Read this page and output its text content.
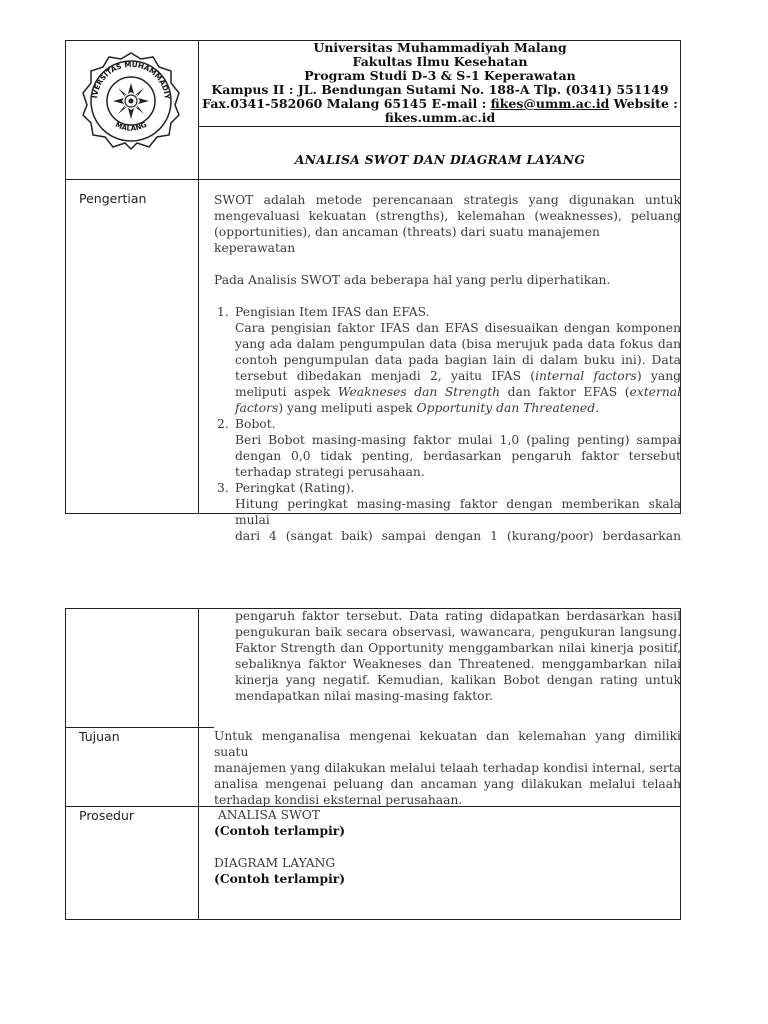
IVERSITAS MUHAMMADIY
MALANG
Universitas Muhammadiyah Malang
Fakultas Ilmu Kesehatan
Program Studi D-3 & S-1 Keperawatan
Kampus II : JL. Bendungan Sutami No. 188-A Tlp. (0341) 551149
Fax.0341-582060 Malang 65145 E-mail : fikes@umm.ac.id Website :
fikes.umm.ac.id
ANALISA SWOT DAN DIAGRAM LAYANG
Pengertian	SWOT adalah metode perencanaan strategis yang digunakan untuk

mengevaluasi kekuatan (strengths), kelemahan (weaknesses), peluang

(opportunities), dan ancaman (threats) dari suatu manajemen keperawatan

Pada Analisis SWOT ada beberapa hal yang perlu diperhatikan.

1. Pengisian Item IFAS dan EFAS.

Cara pengisian faktor IFAS dan EFAS disesuaikan dengan komponen

yang ada dalam pengumpulan data (bisa merujuk pada data fokus dan

contoh pengumpulan data pada bagian lain di dalam buku ini). Data

tersebut dibedakan menjadi 2, yaitu IFAS (internal factors) yang

meliputi aspek Weakneses dan Strength dan faktor EFAS (external

factors) yang meliputi aspek Opportunity dan Threatened.

2. Bobot.

Beri Bobot masing-masing faktor mulai 1,0 (paling penting) sampai

dengan 0,0 tidak penting, berdasarkan pengaruh faktor tersebut

terhadap strategi perusahaan.

3. Peringkat (Rating).

Hitung peringkat masing-masing faktor dengan memberikan skala mulai

dari 4 (sangat baik) sampai dengan 1 (kurang/poor) berdasarkan

pengaruh faktor tersebut. Data rating didapatkan berdasarkan hasil

pengukuran baik secara observasi, wawancara, pengukuran langsung.

Faktor Strength dan Opportunity menggambarkan nilai kinerja positif,

sebaliknya faktor Weakneses dan Threatened. menggambarkan nilai

kinerja yang negatif. Kemudian, kalikan Bobot dengan rating untuk

mendapatkan nilai masing-masing faktor.

Tujuan	Untuk menganalisa mengenai kekuatan dan kelemahan yang dimiliki suatu

manajemen yang dilakukan melalui telaah terhadap kondisi internal, serta

analisa mengenai peluang dan ancaman yang dilakukan melalui telaah

terhadap kondisi eksternal perusahaan.

Prosedur	ANALISA SWOT

(Contoh terlampir)

DIAGRAM LAYANG

(Contoh terlampir)
